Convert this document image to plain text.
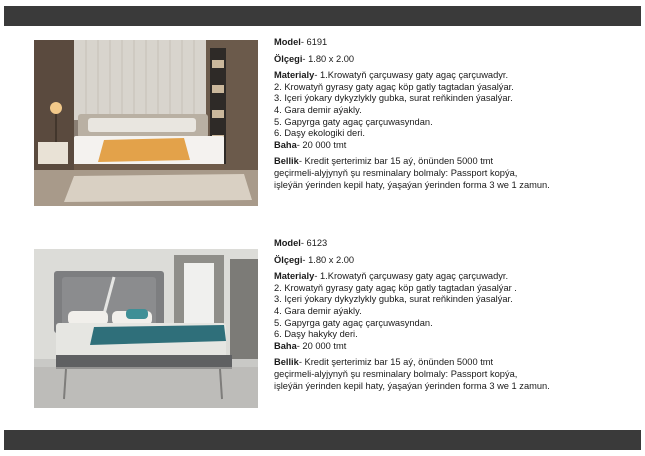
Model- 6191
Ölçegi- 1.80 x 2.00
Materialy- 1.Krowatyň çarçuwasy gaty agaç çarçuwadyr.
2. Krowatyň gyrasy gaty agaç köp gatly tagtadan ýasalýar.
3. Içeri ýokary dykyzlykly gubka, surat reňkinden ýasalýar.
4. Gara demir aýakly.
5. Gapyrga gaty agaç çarçuwasyndan.
6. Daşy ekologiki deri.
Baha- 20 000 tmt
Bellik- Kredit şerterimiz bar 15 aý, önünden 5000 tmt
geçirmeli-alyjynyň şu resminalary bolmaly: Passport kopýa,
işleýän ýerinden kepil haty, ýaşaýan ýerinden forma 3 we 1 zamun.
Model- 6123
Ölçegi- 1.80 x 2.00
Materialy- 1.Krowatyň çarçuwasy gaty agaç çarçuwadyr.
2. Krowatyň gyrasy gaty agaç köp gatly tagtadan ýasalýar .
3. Içeri ýokary dykyzlykly gubka, surat reňkinden ýasalýar.
4. Gara demir aýakly.
5. Gapyrga gaty agaç çarçuwasyndan.
6. Daşy hakyky deri.
Baha- 20 000 tmt
Bellik- Kredit şerterimiz bar 15 aý, önünden 5000 tmt
geçirmeli-alyjynyň şu resminalary bolmaly: Passport kopýa,
işleýän ýerinden kepil haty, ýaşaýan ýerinden forma 3 we 1 zamun.
